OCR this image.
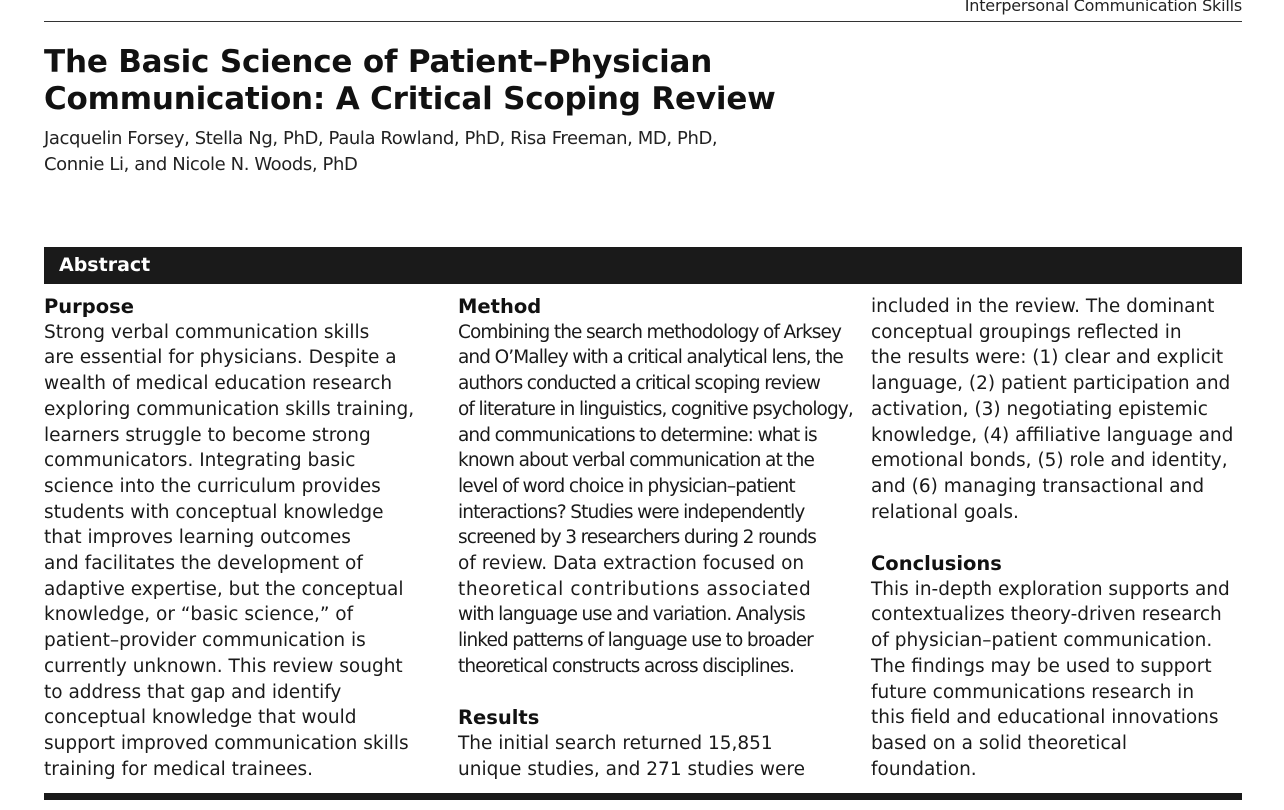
Interpersonal Communication Skills
The Basic Science of Patient–Physician
Communication: A Critical Scoping Review
Jacquelin Forsey, Stella Ng, PhD, Paula Rowland, PhD, Risa Freeman, MD, PhD,
Connie Li, and Nicole N. Woods, PhD
Abstract
Purpose
Strong verbal communication skills
are essential for physicians. Despite a
wealth of medical education research
exploring communication skills training,
learners struggle to become strong
communicators. Integrating basic
science into the curriculum provides
students with conceptual knowledge
that improves learning outcomes
and facilitates the development of
adaptive expertise, but the conceptual
knowledge, or “basic science,” of
patient–provider communication is
currently unknown. This review sought
to address that gap and identify
conceptual knowledge that would
support improved communication skills
training for medical trainees.
Method
Combining the search methodology of Arksey
and O’Malley with a critical analytical lens, the
authors conducted a critical scoping review
of literature in linguistics, cognitive psychology,
and communications to determine: what is
known about verbal communication at the
level of word choice in physician–patient
interactions? Studies were independently
screened by 3 researchers during 2 rounds
of review. Data extraction focused on
theoretical contributions associated
with language use and variation. Analysis
linked patterns of language use to broader
theoretical constructs across disciplines.
Results
The initial search returned 15,851
unique studies, and 271 studies were
included in the review. The dominant
conceptual groupings reflected in
the results were: (1) clear and explicit
language, (2) patient participation and
activation, (3) negotiating epistemic
knowledge, (4) affiliative language and
emotional bonds, (5) role and identity,
and (6) managing transactional and
relational goals.
Conclusions
This in-depth exploration supports and
contextualizes theory-driven research
of physician–patient communication.
The findings may be used to support
future communications research in
this field and educational innovations
based on a solid theoretical
foundation.
